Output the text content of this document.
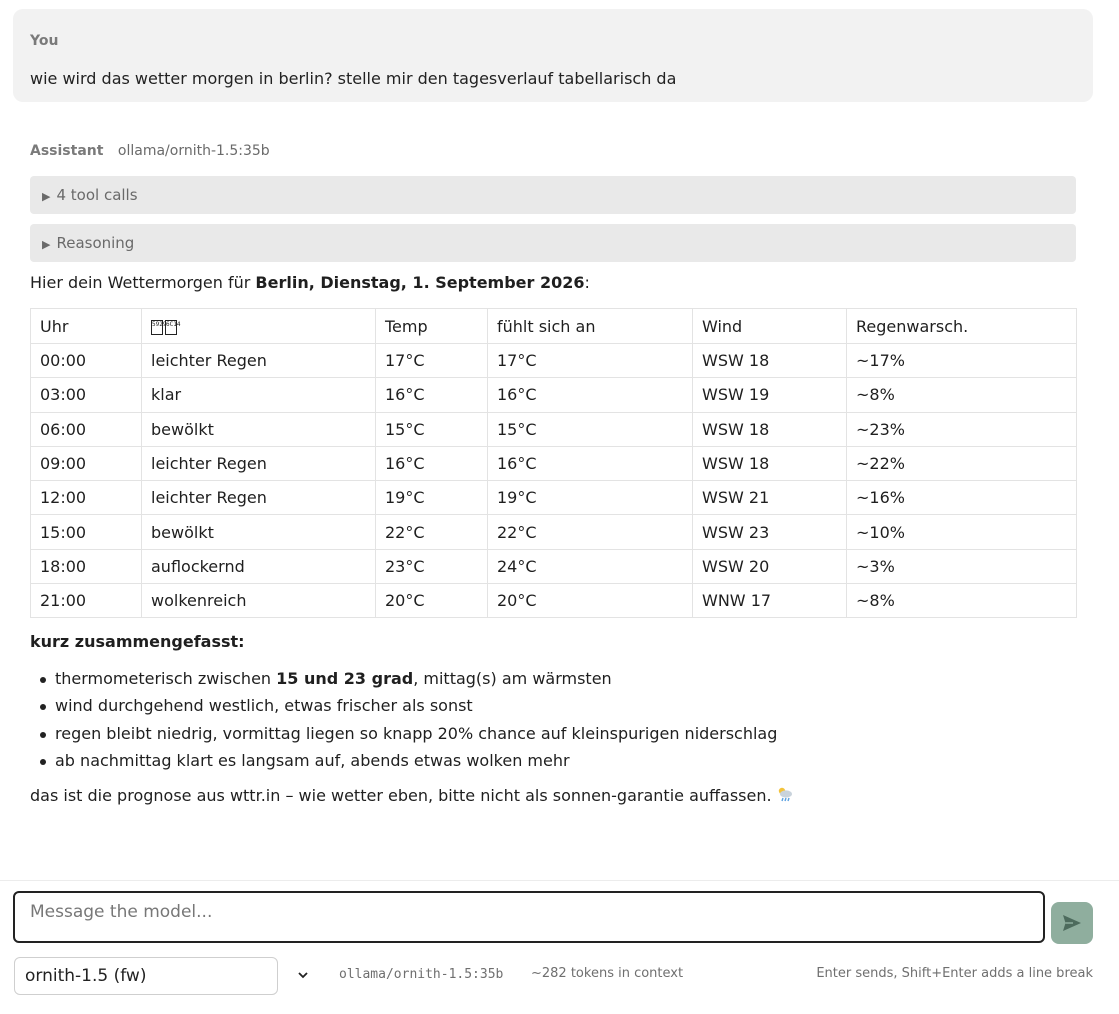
You
wie wird das wetter morgen in berlin? stelle mir den tagesverlauf tabellarisch da
Assistant ollama/ornith-1.5:35b
▶ 4 tool calls
▶ Reasoning
Hier dein Wettermorgen für Berlin, Dienstag, 1. September 2026:
Uhr	5929 6C14	Temp	fühlt sich an	Wind	Regenwarsch.
00:00	leichter Regen	17°C	17°C	WSW 18	~17%
03:00	klar	16°C	16°C	WSW 19	~8%
06:00	bewölkt	15°C	15°C	WSW 18	~23%
09:00	leichter Regen	16°C	16°C	WSW 18	~22%
12:00	leichter Regen	19°C	19°C	WSW 21	~16%
15:00	bewölkt	22°C	22°C	WSW 23	~10%
18:00	auflockernd	23°C	24°C	WSW 20	~3%
21:00	wolkenreich	20°C	20°C	WNW 17	~8%
kurz zusammengefasst:
thermometerisch zwischen 15 und 23 grad, mittag(s) am wärmsten
wind durchgehend westlich, etwas frischer als sonst
regen bleibt niedrig, vormittag liegen so knapp 20% chance auf kleinspurigen niderschlag
ab nachmittag klart es langsam auf, abends etwas wolken mehr
das ist die prognose aus wttr.in – wie wetter eben, bitte nicht als sonnen-garantie auffassen.
Message the model...
ornith-1.5 (fw)	ollama/ornith-1.5:35b ~282 tokens in context	Enter sends, Shift+Enter adds a line break
